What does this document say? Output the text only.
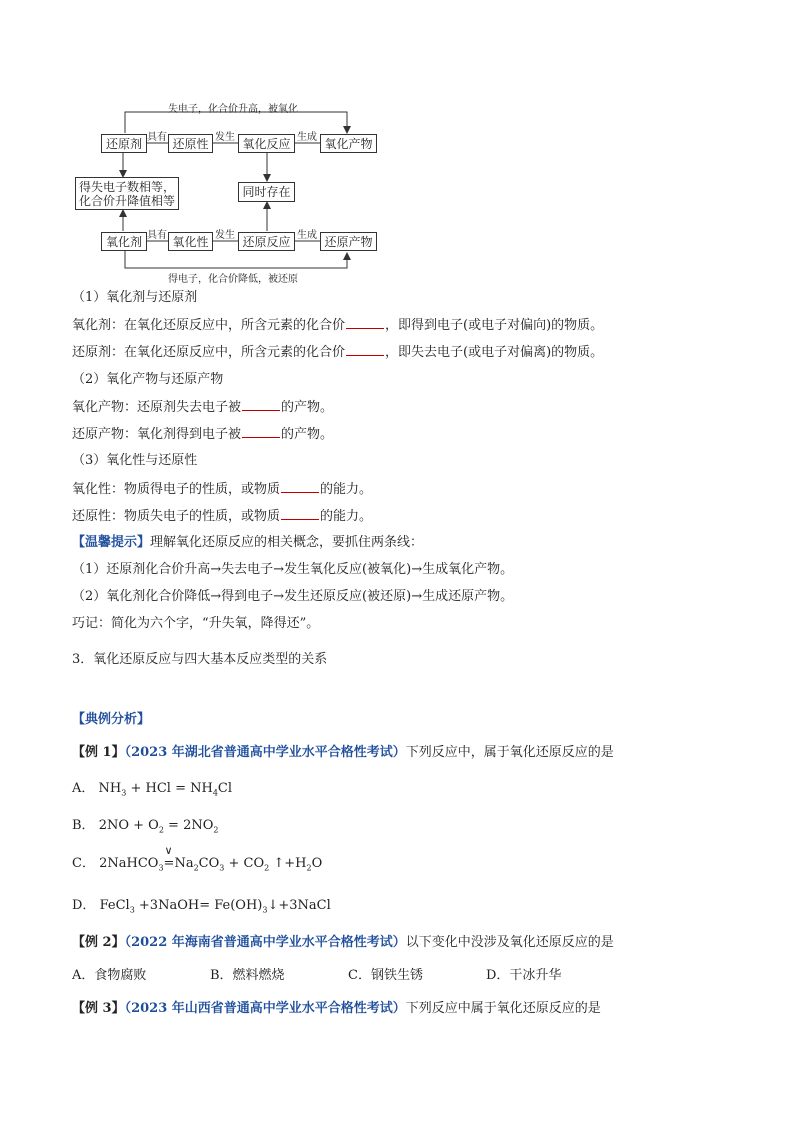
失电子，化合价升高，被氧化
还原剂 具有 还原性 发生 氧化反应 生成 氧化产物
得失电子数相等，
化合价升降值相等
同时存在
氧化剂 具有 氧化性 发生 还原反应 生成 还原产物
得电子，化合价降低，被还原
（1）氧化剂与还原剂
氧化剂：在氧化还原反应中，所含元素的化合价	，即得到电子(或电子对偏向)的物质。
还原剂：在氧化还原反应中，所含元素的化合价	，即失去电子(或电子对偏离)的物质。
（2）氧化产物与还原产物
氧化产物：还原剂失去电子被	的产物。
还原产物：氧化剂得到电子被	的产物。
（3）氧化性与还原性
氧化性：物质得电子的性质，或物质	的能力。
还原性：物质失电子的性质，或物质	的能力。
【温馨提示】理解氧化还原反应的相关概念，要抓住两条线：
（1）还原剂化合价升高→失去电子→发生氧化反应(被氧化)→生成氧化产物。
（2）氧化剂化合价降低→得到电子→发生还原反应(被还原)→生成还原产物。
巧记：简化为六个字，“升失氧，降得还”。
3．氧化还原反应与四大基本反应类型的关系
【典例分析】
【例 1】（2023 年湖北省普通高中学业水平合格性考试）下列反应中，属于氧化还原反应的是
A． $NH_3$ + HCl = $NH_4Cl$
B． $2NO + O_2 = 2NO_2$
C． 2NaHCO$_3$
∨
$=Na_2CO_3 + CO_2$ $↑+H_2O$
D． FeCl$_3$ +3NaOH= $Fe(OH)_3↓+3NaCl$
【例 2】（2022 年海南省普通高中学业水平合格性考试）以下变化中没涉及氧化还原反应的是
A．食物腐败	B．燃料燃烧	C．钢铁生锈	D．干冰升华
【例 3】（2023 年山西省普通高中学业水平合格性考试）下列反应中属于氧化还原反应的是
